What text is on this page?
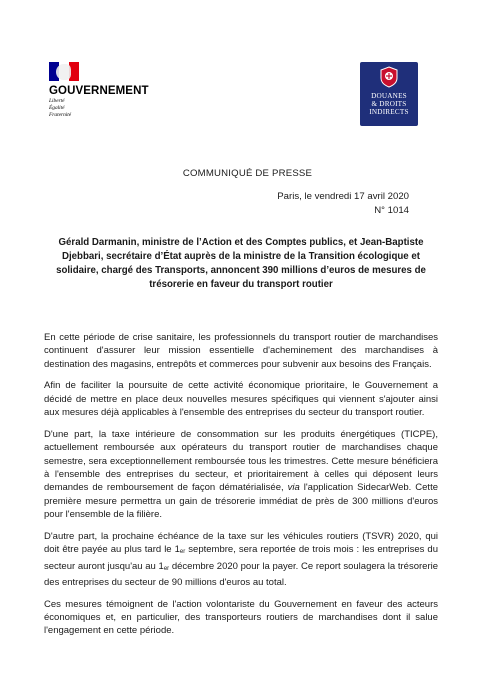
GOUVERNEMENT
Liberté
Égalité
Fraternité
DOUANES
& DROITS
INDIRECTS
COMMUNIQUÉ DE PRESSE
Paris, le vendredi 17 avril 2020
N° 1014
Gérald Darmanin, ministre de l’Action et des Comptes publics, et Jean-Baptiste Djebbari, secrétaire d’État auprès de la ministre de la Transition écologique et solidaire, chargé des Transports, annoncent 390 millions d’euros de mesures de trésorerie en faveur du transport routier

En cette période de crise sanitaire, les professionnels du transport routier de marchandises continuent d'assurer leur mission essentielle d'acheminement des marchandises à destination des magasins, entrepôts et commerces pour subvenir aux besoins des Français.

Afin de faciliter la poursuite de cette activité économique prioritaire, le Gouvernement a décidé de mettre en place deux nouvelles mesures spécifiques qui viennent s'ajouter ainsi aux mesures déjà applicables à l'ensemble des entreprises du secteur du transport routier.

D'une part, la taxe intérieure de consommation sur les produits énergétiques (TICPE), actuellement remboursée aux opérateurs du transport routier de marchandises chaque semestre, sera exceptionnellement remboursée tous les trimestres. Cette mesure bénéficiera à l'ensemble des entreprises du secteur, et prioritairement à celles qui déposent leurs demandes de remboursement de façon dématérialisée, via l'application SidecarWeb. Cette première mesure permettra un gain de trésorerie immédiat de près de 300 millions d'euros pour l'ensemble de la filière.

D'autre part, la prochaine échéance de la taxe sur les véhicules routiers (TSVR) 2020, qui doit être payée au plus tard le 1er septembre, sera reportée de trois mois : les entreprises du secteur auront jusqu'au au 1er décembre 2020 pour la payer. Ce report soulagera la trésorerie des entreprises du secteur de 90 millions d'euros au total.

Ces mesures témoignent de l'action volontariste du Gouvernement en faveur des acteurs économiques et, en particulier, des transporteurs routiers de marchandises dont il salue l'engagement en cette période.
